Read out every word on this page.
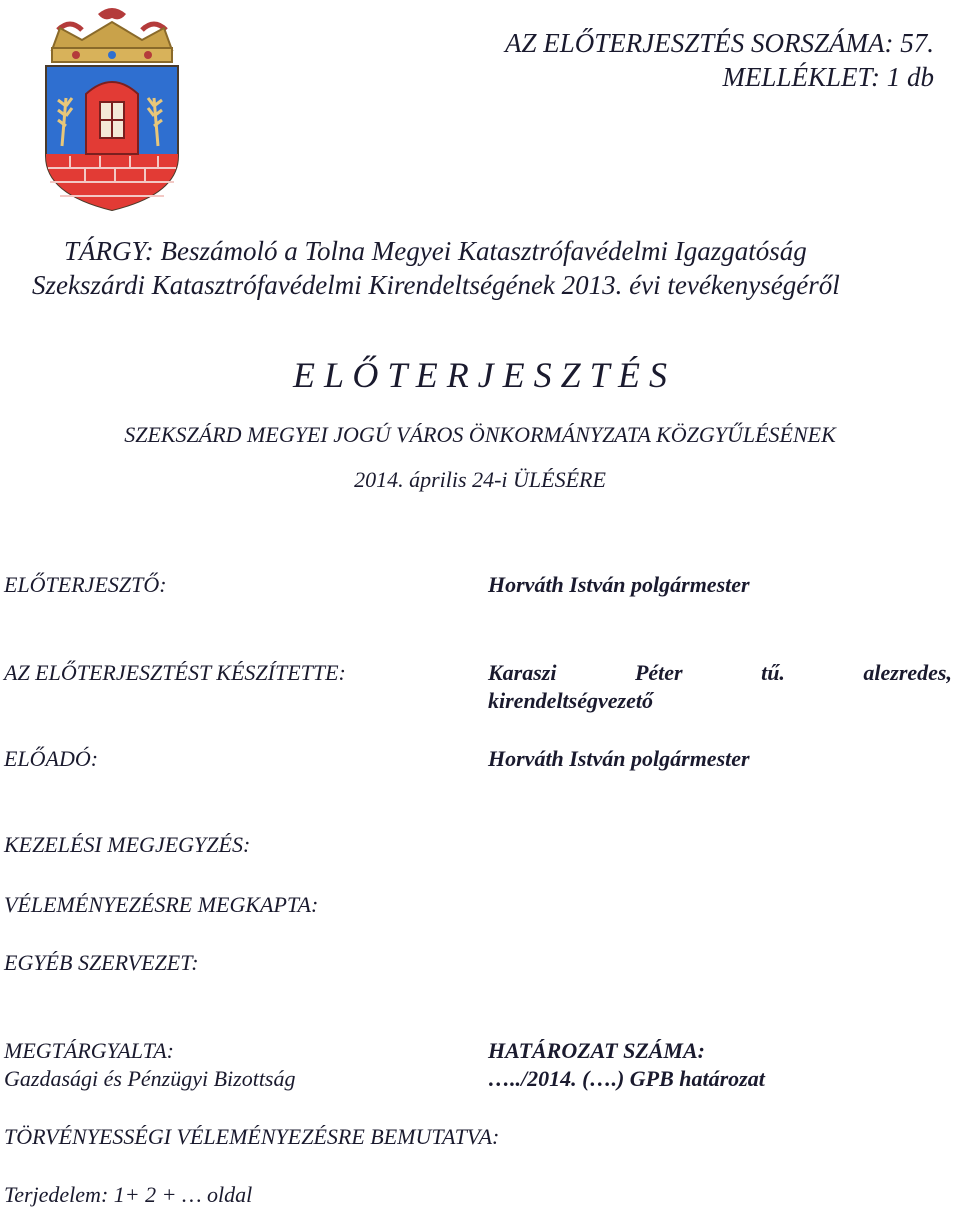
AZ ELŐTERJESZTÉS SORSZÁMA: 57.
MELLÉKLET: 1 db
TÁRGY: Beszámoló a Tolna Megyei Katasztrófavédelmi Igazgatóság
Szekszárdi Katasztrófavédelmi Kirendeltségének 2013. évi tevékenységéről
E L Ő T E R J E S Z T É S
SZEKSZÁRD MEGYEI JOGÚ VÁROS ÖNKORMÁNYZATA KÖZGYŰLÉSÉNEK
2014. április 24-i ÜLÉSÉRE
ELŐTERJESZTŐ:	Horváth István polgármester
AZ ELŐTERJESZTÉST KÉSZÍTETTE:	Karaszi	Péter	tű.	alezredes,
kirendeltségvezető
ELŐADÓ:	Horváth István polgármester
KEZELÉSI MEGJEGYZÉS:
VÉLEMÉNYEZÉSRE MEGKAPTA:
EGYÉB SZERVEZET:
MEGTÁRGYALTA:
Gazdasági és Pénzügyi Bizottság
HATÁROZAT SZÁMA:
…../2014. (….) GPB határozat
TÖRVÉNYESSÉGI VÉLEMÉNYEZÉSRE BEMUTATVA:
Terjedelem: 1+ 2 + … oldal
